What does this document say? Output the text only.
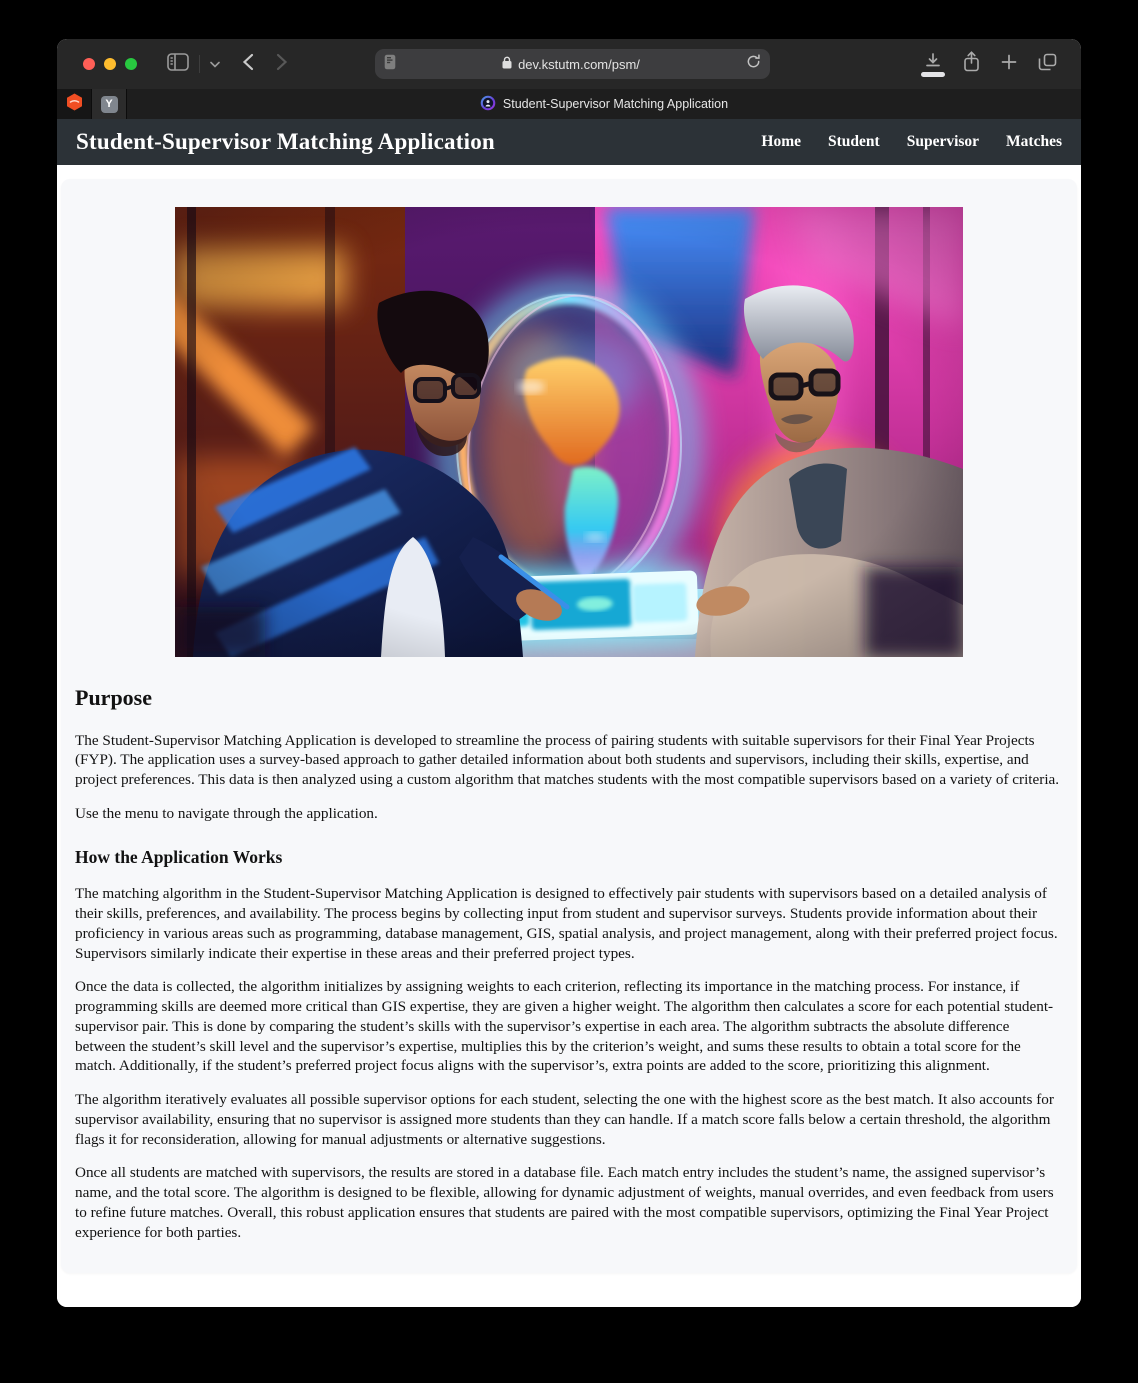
dev.kstutm.com/psm/
Y	Student-Supervisor Matching Application
Student-Supervisor Matching Application	Home Student Supervisor Matches
Purpose

The Student-Supervisor Matching Application is developed to streamline the process of pairing students with suitable supervisors for their Final Year Projects (FYP). The application uses a survey-based approach to gather detailed information about both students and supervisors, including their skills, expertise, and project preferences. This data is then analyzed using a custom algorithm that matches students with the most compatible supervisors based on a variety of criteria.

Use the menu to navigate through the application.

How the Application Works

The matching algorithm in the Student-Supervisor Matching Application is designed to effectively pair students with supervisors based on a detailed analysis of their skills, preferences, and availability. The process begins by collecting input from student and supervisor surveys. Students provide information about their proficiency in various areas such as programming, database management, GIS, spatial analysis, and project management, along with their preferred project focus. Supervisors similarly indicate their expertise in these areas and their preferred project types.

Once the data is collected, the algorithm initializes by assigning weights to each criterion, reflecting its importance in the matching process. For instance, if programming skills are deemed more critical than GIS expertise, they are given a higher weight. The algorithm then calculates a score for each potential student-supervisor pair. This is done by comparing the student’s skills with the supervisor’s expertise in each area. The algorithm subtracts the absolute difference between the student’s skill level and the supervisor’s expertise, multiplies this by the criterion’s weight, and sums these results to obtain a total score for the match. Additionally, if the student’s preferred project focus aligns with the supervisor’s, extra points are added to the score, prioritizing this alignment.

The algorithm iteratively evaluates all possible supervisor options for each student, selecting the one with the highest score as the best match. It also accounts for supervisor availability, ensuring that no supervisor is assigned more students than they can handle. If a match score falls below a certain threshold, the algorithm flags it for reconsideration, allowing for manual adjustments or alternative suggestions.

Once all students are matched with supervisors, the results are stored in a database file. Each match entry includes the student’s name, the assigned supervisor’s name, and the total score. The algorithm is designed to be flexible, allowing for dynamic adjustment of weights, manual overrides, and even feedback from users to refine future matches. Overall, this robust application ensures that students are paired with the most compatible supervisors, optimizing the Final Year Project experience for both parties.
